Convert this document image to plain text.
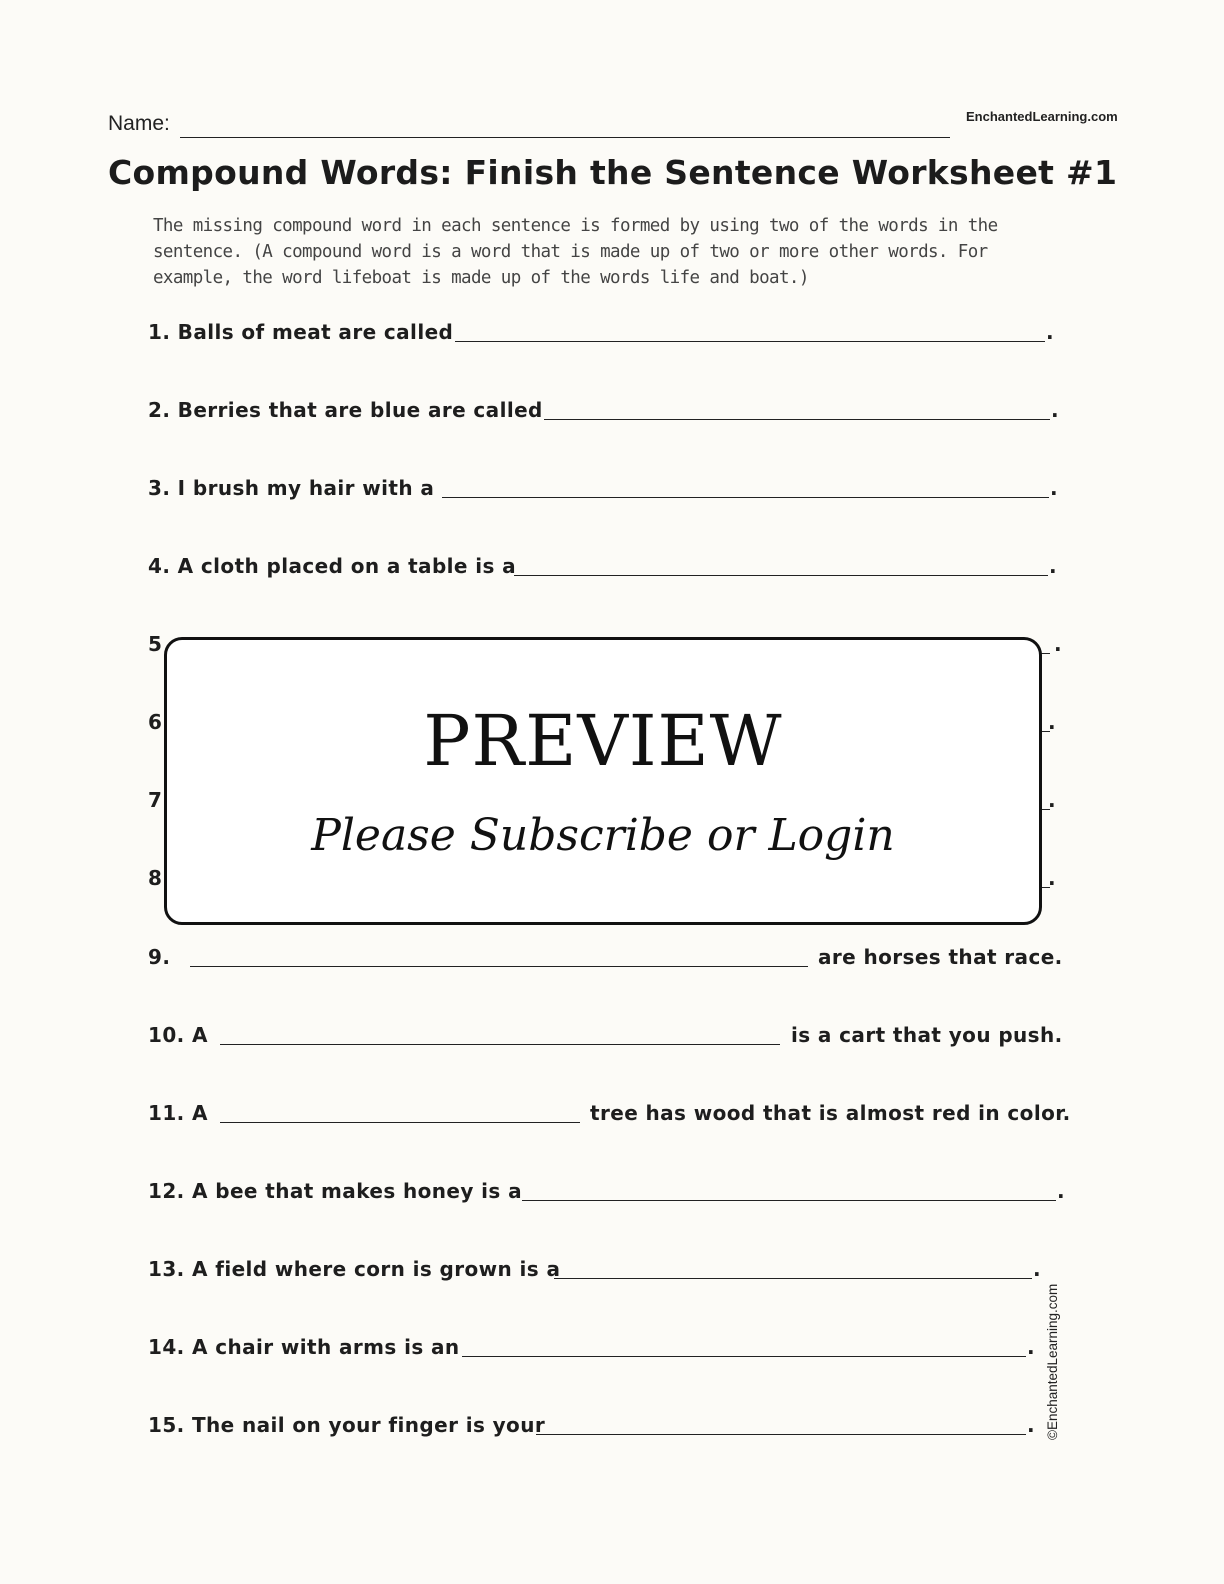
Name:	EnchantedLearning.com
Compound Words: Finish the Sentence Worksheet #1
The missing compound word in each sentence is formed by using two of the words in the sentence. (A compound word is a word that is made up of two or more other words. For example, the word lifeboat is made up of the words life and boat.)
1. Balls of meat are called	.
2. Berries that are blue are called	.
3. I brush my hair with a	.
4. A cloth placed on a table is a	.
5	.
6	.
7	.
8	.
PREVIEW
Please Subscribe or Login
9.	are horses that race.
10. A	is a cart that you push.
11. A	tree has wood that is almost red in color.
12. A bee that makes honey is a	.
13. A field where corn is grown is a	.
14. A chair with arms is an	.
15. The nail on your finger is your	. ©EnchantedLearning.com
